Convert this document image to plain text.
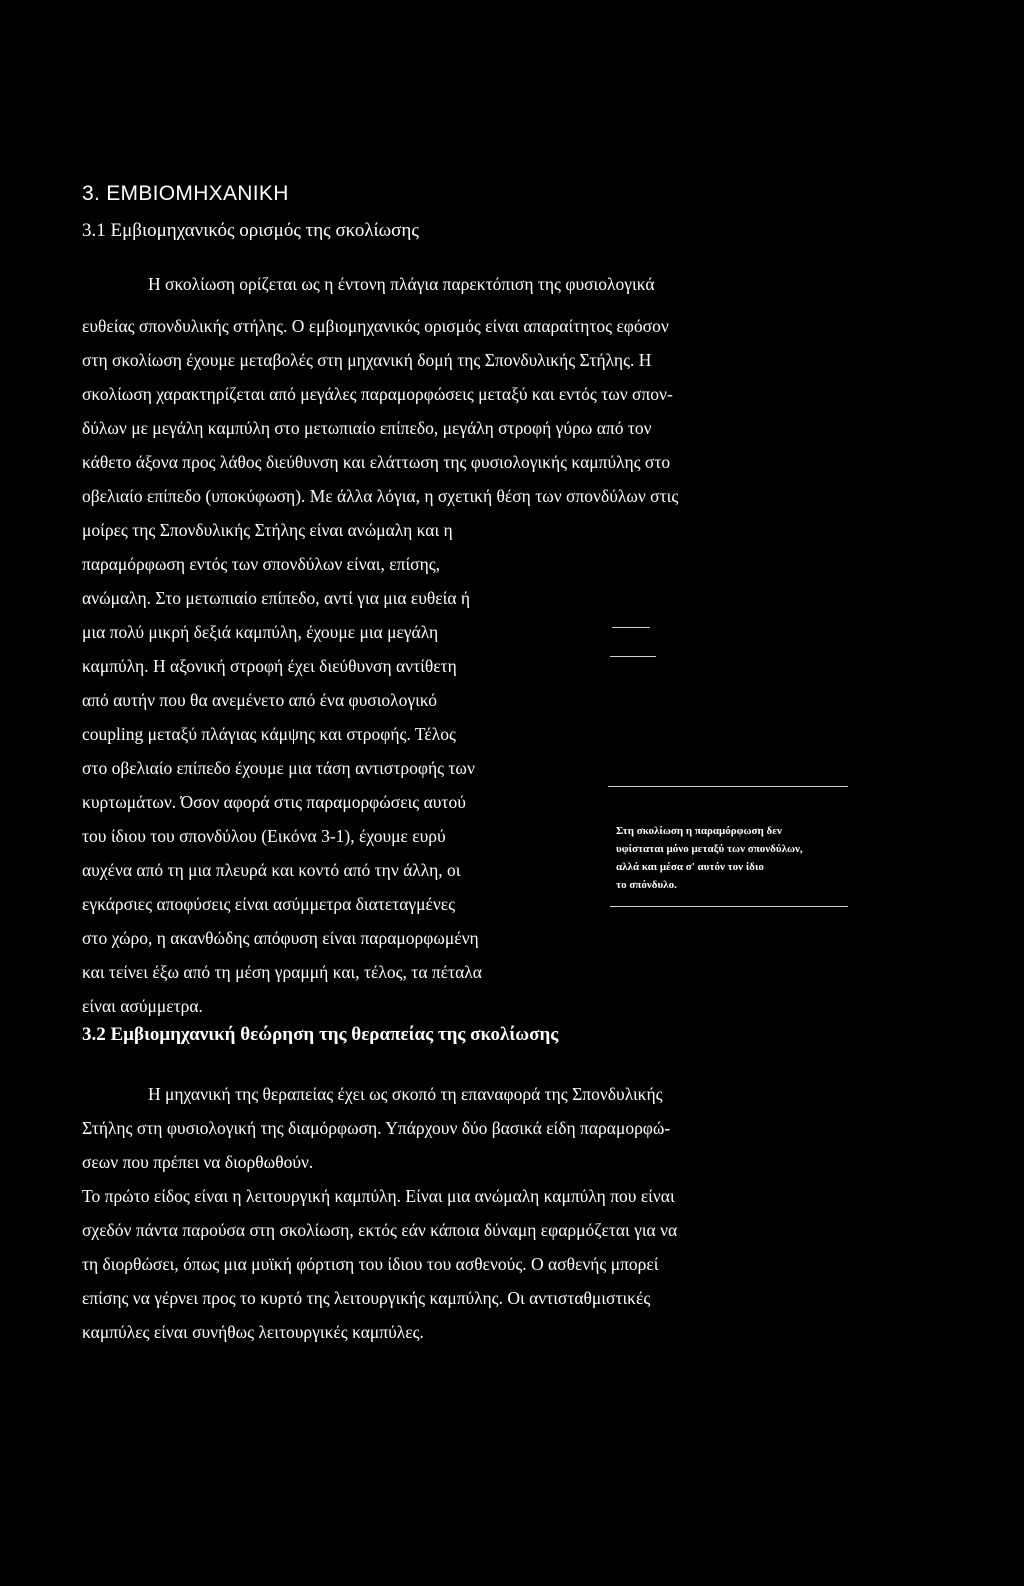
3. ΕΜΒΙΟΜΗΧΑΝΙΚΗ
3.1 Εμβιομηχανικός ορισμός της σκολίωσης
Η σκολίωση ορίζεται ως η έντονη πλάγια παρεκτόπιση της φυσιολογικά
ευθείας σπονδυλικής στήλης. Ο εμβιομηχανικός ορισμός είναι απαραίτητος εφόσον
στη σκολίωση έχουμε μεταβολές στη μηχανική δομή της Σπονδυλικής Στήλης. Η
σκολίωση χαρακτηρίζεται από μεγάλες παραμορφώσεις μεταξύ και εντός των σπον-
δύλων με μεγάλη καμπύλη στο μετωπιαίο επίπεδο, μεγάλη στροφή γύρω από τον
κάθετο άξονα προς λάθος διεύθυνση και ελάττωση της φυσιολογικής καμπύλης στο
οβελιαίο επίπεδο (υποκύφωση). Με άλλα λόγια, η σχετική θέση των σπονδύλων στις
μοίρες της Σπονδυλικής Στήλης είναι ανώμαλη και η
παραμόρφωση εντός των σπονδύλων είναι, επίσης,
ανώμαλη. Στο μετωπιαίο επίπεδο, αντί για μια ευθεία ή
μια πολύ μικρή δεξιά καμπύλη, έχουμε μια μεγάλη
καμπύλη. Η αξονική στροφή έχει διεύθυνση αντίθετη
από αυτήν που θα ανεμένετο από ένα φυσιολογικό
coupling μεταξύ πλάγιας κάμψης και στροφής. Τέλος
στο οβελιαίο επίπεδο έχουμε μια τάση αντιστροφής των
κυρτωμάτων. Όσον αφορά στις παραμορφώσεις αυτού
του ίδιου του σπονδύλου (Εικόνα 3-1), έχουμε ευρύ
αυχένα από τη μια πλευρά και κοντό από την άλλη, οι
εγκάρσιες αποφύσεις είναι ασύμμετρα διατεταγμένες
στο χώρο, η ακανθώδης απόφυση είναι παραμορφωμένη
και τείνει έξω από τη μέση γραμμή και, τέλος, τα πέταλα
είναι ασύμμετρα.
Στη σκολίωση η παραμόρφωση δεν
υφίσταται μόνο μεταξύ των σπονδύλων,
αλλά και μέσα σ' αυτόν τον ίδιο
το σπόνδυλο.
3.2 Εμβιομηχανική θεώρηση της θεραπείας της σκολίωσης
Η μηχανική της θεραπείας έχει ως σκοπό τη επαναφορά της Σπονδυλικής
Στήλης στη φυσιολογική της διαμόρφωση. Υπάρχουν δύο βασικά είδη παραμορφώ-
σεων που πρέπει να διορθωθούν.
Το πρώτο είδος είναι η λειτουργική καμπύλη. Είναι μια ανώμαλη καμπύλη που είναι
σχεδόν πάντα παρούσα στη σκολίωση, εκτός εάν κάποια δύναμη εφαρμόζεται για να
τη διορθώσει, όπως μια μυϊκή φόρτιση του ίδιου του ασθενούς. Ο ασθενής μπορεί
επίσης να γέρνει προς το κυρτό της λειτουργικής καμπύλης. Οι αντισταθμιστικές
καμπύλες είναι συνήθως λειτουργικές καμπύλες.
